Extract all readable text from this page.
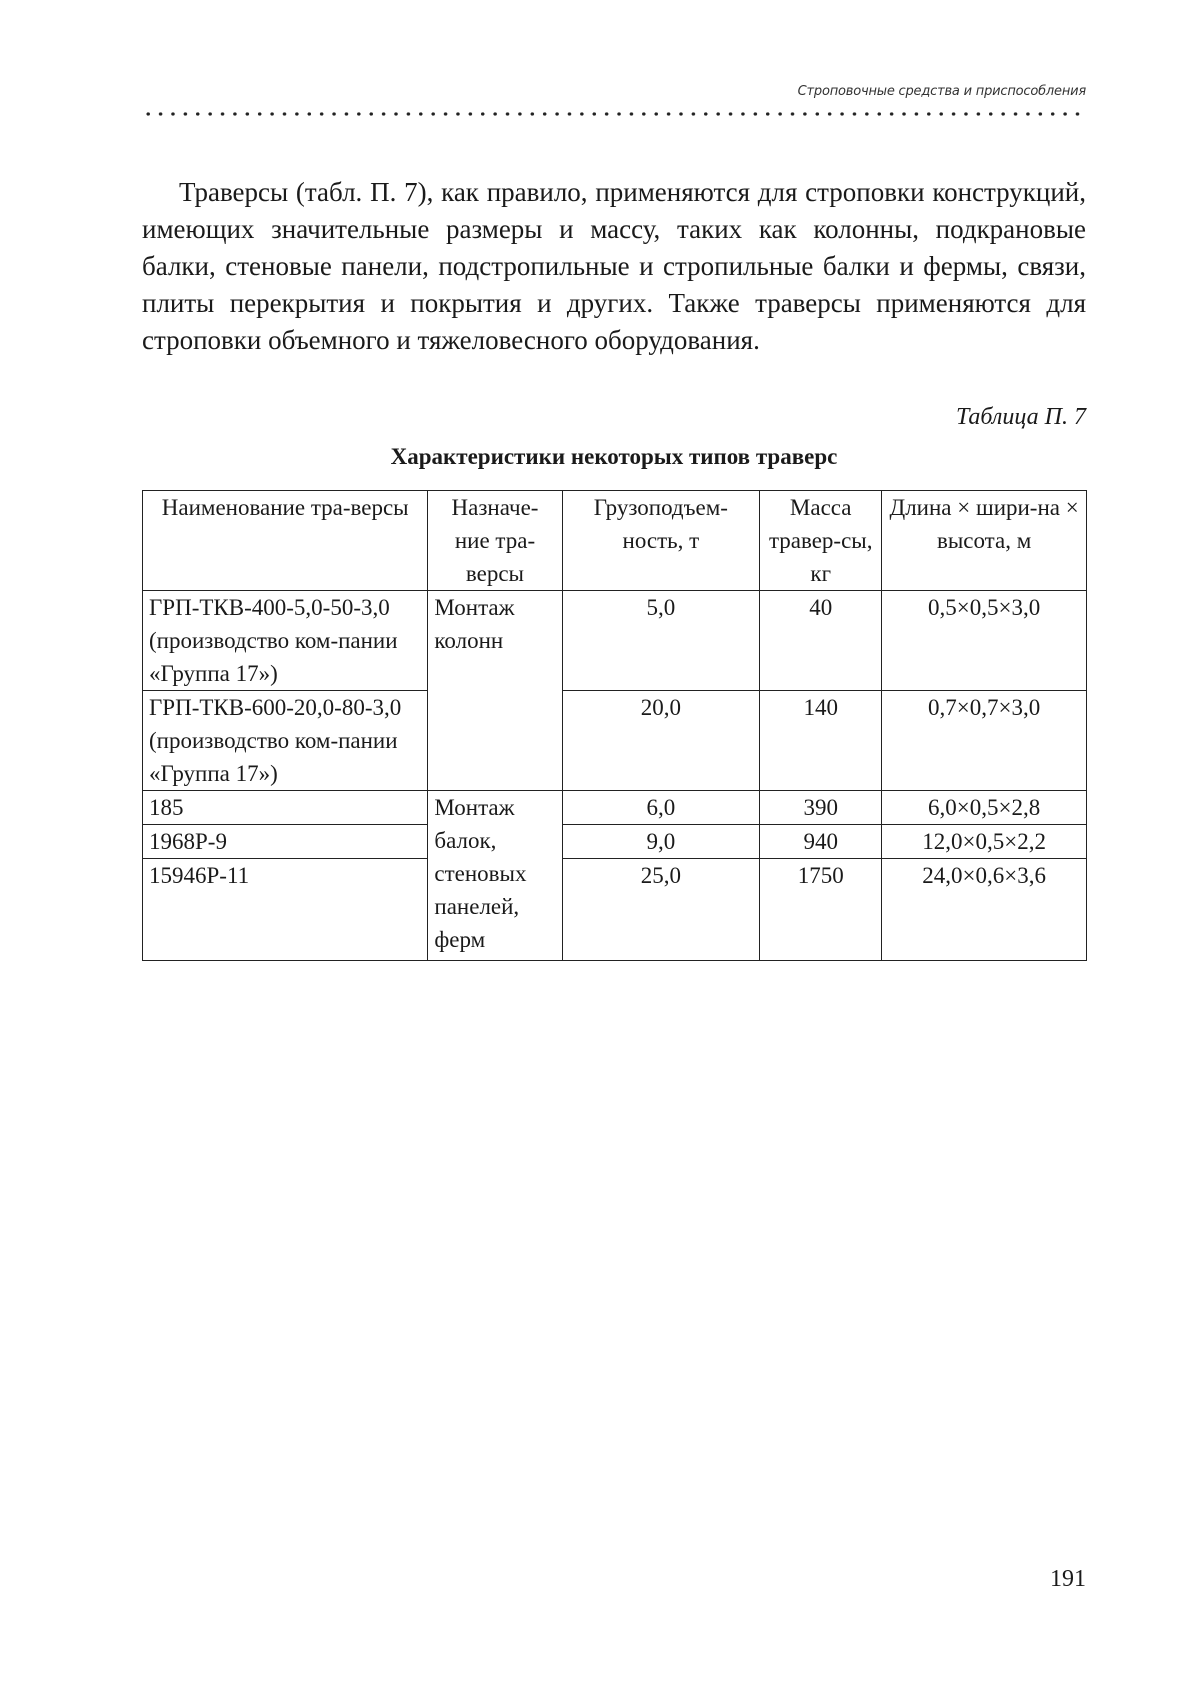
Строповочные средства и приспособления

Траверсы (табл. П. 7), как правило, применяются для строповки конструкций, имеющих значительные размеры и массу, таких как колонны, подкрановые балки, стеновые панели, подстропильные и стропильные балки и фермы, связи, плиты перекрытия и покрытия и других. Также траверсы применяются для строповки объемного и тяжеловесного оборудования.

Таблица П. 7
Характеристики некоторых типов траверс
Наименование тра-верcы	Назначе-ние тра-версы	Грузоподъем-ность, т	Масса травер-сы, кг	Длина × шири-на × высота, м
ГРП-ТКВ-400-5,0-50-3,0 (производство ком-пании «Группа 17»)	Монтаж колонн	5,0	40	0,5×0,5×3,0
ГРП-ТКВ-600-20,0-80-3,0 (производство ком-пании «Группа 17»)		20,0	140	0,7×0,7×3,0
185	Монтаж балок, стеновых панелей, ферм	6,0	390	6,0×0,5×2,8
1968Р-9		9,0	940	12,0×0,5×2,2
15946Р-11		25,0	1750	24,0×0,6×3,6
191
